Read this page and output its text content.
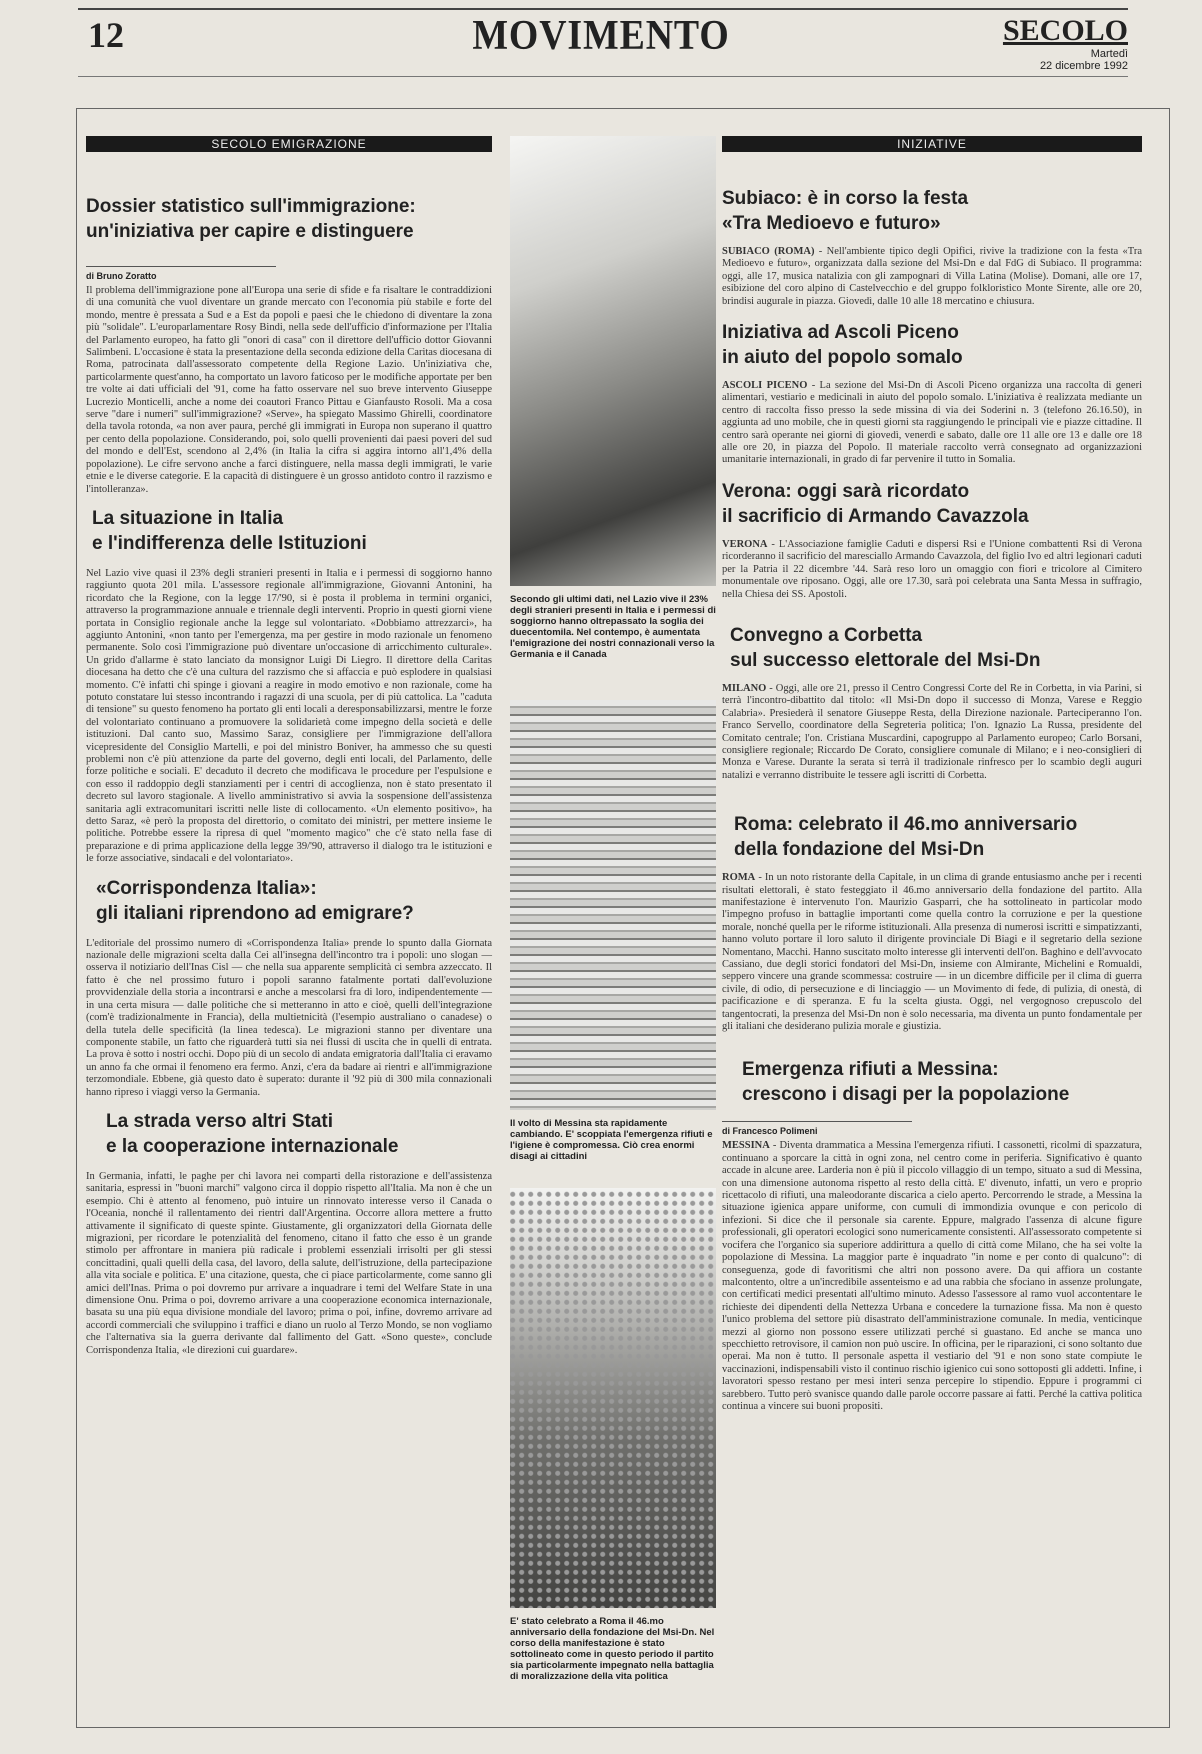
12	MOVIMENTO	SECOLO
Martedì
22 dicembre 1992
SECOLO EMIGRAZIONE
Dossier statistico sull'immigrazione:
un'iniziativa per capire e distinguere
di Bruno Zoratto

Il problema dell'immigrazione pone all'Europa una serie di sfide e fa risaltare le contraddizioni di una comunità che vuol diventare un grande mercato con l'economia più stabile e forte del mondo, mentre è pressata a Sud e a Est da popoli e paesi che le chiedono di diventare la zona più "solidale". L'europarlamentare Rosy Bindi, nella sede dell'ufficio d'informazione per l'Italia del Parlamento europeo, ha fatto gli "onori di casa" con il direttore dell'ufficio dottor Giovanni Salimbeni. L'occasione è stata la presentazione della seconda edizione della Caritas diocesana di Roma, patrocinata dall'assessorato competente della Regione Lazio. Un'iniziativa che, particolarmente quest'anno, ha comportato un lavoro faticoso per le modifiche apportate per ben tre volte ai dati ufficiali del '91, come ha fatto osservare nel suo breve intervento Giuseppe Lucrezio Monticelli, anche a nome dei coautori Franco Pittau e Gianfausto Rosoli. Ma a cosa serve "dare i numeri" sull'immigrazione? «Serve», ha spiegato Massimo Ghirelli, coordinatore della tavola rotonda, «a non aver paura, perché gli immigrati in Europa non superano il quattro per cento della popolazione. Considerando, poi, solo quelli provenienti dai paesi poveri del sud del mondo e dell'Est, scendono al 2,4% (in Italia la cifra si aggira intorno all'1,4% della popolazione). Le cifre servono anche a farci distinguere, nella massa degli immigrati, le varie etnie e le diverse categorie. E la capacità di distinguere è un grosso antidoto contro il razzismo e l'intolleranza».

La situazione in Italia
e l'indifferenza delle Istituzioni

Nel Lazio vive quasi il 23% degli stranieri presenti in Italia e i permessi di soggiorno hanno raggiunto quota 201 mila. L'assessore regionale all'immigrazione, Giovanni Antonini, ha ricordato che la Regione, con la legge 17/'90, si è posta il problema in termini organici, attraverso la programmazione annuale e triennale degli interventi. Proprio in questi giorni viene portata in Consiglio regionale anche la legge sul volontariato. «Dobbiamo attrezzarci», ha aggiunto Antonini, «non tanto per l'emergenza, ma per gestire in modo razionale un fenomeno permanente. Solo così l'immigrazione può diventare un'occasione di arricchimento culturale». Un grido d'allarme è stato lanciato da monsignor Luigi Di Liegro. Il direttore della Caritas diocesana ha detto che c'è una cultura del razzismo che si affaccia e può esplodere in qualsiasi momento. C'è infatti chi spinge i giovani a reagire in modo emotivo e non razionale, come ha potuto constatare lui stesso incontrando i ragazzi di una scuola, per di più cattolica. La "caduta di tensione" su questo fenomeno ha portato gli enti locali a deresponsabilizzarsi, mentre le forze del volontariato continuano a promuovere la solidarietà come impegno della società e delle istituzioni. Dal canto suo, Massimo Saraz, consigliere per l'immigrazione dell'allora vicepresidente del Consiglio Martelli, e poi del ministro Boniver, ha ammesso che su questi problemi non c'è più attenzione da parte del governo, degli enti locali, del Parlamento, delle forze politiche e sociali. E' decaduto il decreto che modificava le procedure per l'espulsione e con esso il raddoppio degli stanziamenti per i centri di accoglienza, non è stato presentato il decreto sul lavoro stagionale. A livello amministrativo si avvia la sospensione dell'assistenza sanitaria agli extracomunitari iscritti nelle liste di collocamento. «Un elemento positivo», ha detto Saraz, «è però la proposta del direttorio, o comitato dei ministri, per mettere insieme le politiche. Potrebbe essere la ripresa di quel "momento magico" che c'è stato nella fase di preparazione e di prima applicazione della legge 39/'90, attraverso il dialogo tra le istituzioni e le forze associative, sindacali e del volontariato».

«Corrispondenza Italia»:
gli italiani riprendono ad emigrare?

L'editoriale del prossimo numero di «Corrispondenza Italia» prende lo spunto dalla Giornata nazionale delle migrazioni scelta dalla Cei all'insegna dell'incontro tra i popoli: uno slogan — osserva il notiziario dell'Inas Cisl — che nella sua apparente semplicità ci sembra azzeccato. Il fatto è che nel prossimo futuro i popoli saranno fatalmente portati dall'evoluzione provvidenziale della storia a incontrarsi e anche a mescolarsi fra di loro, indipendentemente — in una certa misura — dalle politiche che si metteranno in atto e cioè, quelli dell'integrazione (com'è tradizionalmente in Francia), della multietnicità (l'esempio australiano o canadese) o della tutela delle specificità (la linea tedesca). Le migrazioni stanno per diventare una componente stabile, un fatto che riguarderà tutti sia nei flussi di uscita che in quelli di entrata. La prova è sotto i nostri occhi. Dopo più di un secolo di andata emigratoria dall'Italia ci eravamo un anno fa che ormai il fenomeno era fermo. Anzi, c'era da badare ai rientri e all'immigrazione terzomondiale. Ebbene, già questo dato è superato: durante il '92 più di 300 mila connazionali hanno ripreso i viaggi verso la Germania.

La strada verso altri Stati
e la cooperazione internazionale

In Germania, infatti, le paghe per chi lavora nei comparti della ristorazione e dell'assistenza sanitaria, espressi in "buoni marchi" valgono circa il doppio rispetto all'Italia. Ma non è che un esempio. Chi è attento al fenomeno, può intuire un rinnovato interesse verso il Canada o l'Oceania, nonché il rallentamento dei rientri dall'Argentina. Occorre allora mettere a frutto attivamente il significato di queste spinte. Giustamente, gli organizzatori della Giornata delle migrazioni, per ricordare le potenzialità del fenomeno, citano il fatto che esso è un grande stimolo per affrontare in maniera più radicale i problemi essenziali irrisolti per gli stessi concittadini, quali quelli della casa, del lavoro, della salute, dell'istruzione, della partecipazione alla vita sociale e politica. E' una citazione, questa, che ci piace particolarmente, come sanno gli amici dell'Inas. Prima o poi dovremo pur arrivare a inquadrare i temi del Welfare State in una dimensione Onu. Prima o poi, dovremo arrivare a una cooperazione economica internazionale, basata su una più equa divisione mondiale del lavoro; prima o poi, infine, dovremo arrivare ad accordi commerciali che sviluppino i traffici e diano un ruolo al Terzo Mondo, se non vogliamo che l'alternativa sia la guerra derivante dal fallimento del Gatt. «Sono queste», conclude Corrispondenza Italia, «le direzioni cui guardare».

Secondo gli ultimi dati, nel Lazio vive il 23% degli stranieri presenti in Italia e i permessi di soggiorno hanno oltrepassato la soglia dei duecentomila. Nel contempo, è aumentata l'emigrazione dei nostri connazionali verso la Germania e il Canada
Il volto di Messina sta rapidamente cambiando. E' scoppiata l'emergenza rifiuti e l'igiene è compromessa. Ciò crea enormi disagi ai cittadini
E' stato celebrato a Roma il 46.mo anniversario della fondazione del Msi-Dn. Nel corso della manifestazione è stato sottolineato come in questo periodo il partito sia particolarmente impegnato nella battaglia di moralizzazione della vita politica
INIZIATIVE
Subiaco: è in corso la festa
«Tra Medioevo e futuro»

SUBIACO (ROMA) - Nell'ambiente tipico degli Opifici, rivive la tradizione con la festa «Tra Medioevo e futuro», organizzata dalla sezione del Msi-Dn e dal FdG di Subiaco. Il programma: oggi, alle 17, musica natalizia con gli zampognari di Villa Latina (Molise). Domani, alle ore 17, esibizione del coro alpino di Castelvecchio e del gruppo folkloristico Monte Sirente, alle ore 20, brindisi augurale in piazza. Giovedì, dalle 10 alle 18 mercatino e chiusura.

Iniziativa ad Ascoli Piceno
in aiuto del popolo somalo

ASCOLI PICENO - La sezione del Msi-Dn di Ascoli Piceno organizza una raccolta di generi alimentari, vestiario e medicinali in aiuto del popolo somalo. L'iniziativa è realizzata mediante un centro di raccolta fisso presso la sede missina di via dei Soderini n. 3 (telefono 26.16.50), in aggiunta ad uno mobile, che in questi giorni sta raggiungendo le principali vie e piazze cittadine. Il centro sarà operante nei giorni di giovedì, venerdì e sabato, dalle ore 11 alle ore 13 e dalle ore 18 alle ore 20, in piazza del Popolo. Il materiale raccolto verrà consegnato ad organizzazioni umanitarie internazionali, in grado di far pervenire il tutto in Somalia.

Verona: oggi sarà ricordato
il sacrificio di Armando Cavazzola

VERONA - L'Associazione famiglie Caduti e dispersi Rsi e l'Unione combattenti Rsi di Verona ricorderanno il sacrificio del maresciallo Armando Cavazzola, del figlio Ivo ed altri legionari caduti per la Patria il 22 dicembre '44. Sarà reso loro un omaggio con fiori e tricolore al Cimitero monumentale ove riposano. Oggi, alle ore 17.30, sarà poi celebrata una Santa Messa in suffragio, nella Chiesa dei SS. Apostoli.

Convegno a Corbetta
sul successo elettorale del Msi-Dn

MILANO - Oggi, alle ore 21, presso il Centro Congressi Corte del Re in Corbetta, in via Parini, si terrà l'incontro-dibattito dal titolo: «Il Msi-Dn dopo il successo di Monza, Varese e Reggio Calabria». Presiederà il senatore Giuseppe Resta, della Direzione nazionale. Parteciperanno l'on. Franco Servello, coordinatore della Segreteria politica; l'on. Ignazio La Russa, presidente del Comitato centrale; l'on. Cristiana Muscardini, capogruppo al Parlamento europeo; Carlo Borsani, consigliere regionale; Riccardo De Corato, consigliere comunale di Milano; e i neo-consiglieri di Monza e Varese. Durante la serata si terrà il tradizionale rinfresco per lo scambio degli auguri natalizi e verranno distribuite le tessere agli iscritti di Corbetta.

Roma: celebrato il 46.mo anniversario
della fondazione del Msi-Dn

ROMA - In un noto ristorante della Capitale, in un clima di grande entusiasmo anche per i recenti risultati elettorali, è stato festeggiato il 46.mo anniversario della fondazione del partito. Alla manifestazione è intervenuto l'on. Maurizio Gasparri, che ha sottolineato in particolar modo l'impegno profuso in battaglie importanti come quella contro la corruzione e per la questione morale, nonché quella per le riforme istituzionali. Alla presenza di numerosi iscritti e simpatizzanti, hanno voluto portare il loro saluto il dirigente provinciale Di Biagi e il segretario della sezione Nomentano, Macchi. Hanno suscitato molto interesse gli interventi dell'on. Baghino e dell'avvocato Cassiano, due degli storici fondatori del Msi-Dn, insieme con Almirante, Michelini e Romualdi, seppero vincere una grande scommessa: costruire — in un dicembre difficile per il clima di guerra civile, di odio, di persecuzione e di linciaggio — un Movimento di fede, di pulizia, di onestà, di pacificazione e di speranza. E fu la scelta giusta. Oggi, nel vergognoso crepuscolo del tangentocrati, la presenza del Msi-Dn non è solo necessaria, ma diventa un punto fondamentale per gli italiani che desiderano pulizia morale e giustizia.

Emergenza rifiuti a Messina:
crescono i disagi per la popolazione
di Francesco Polimeni

MESSINA - Diventa drammatica a Messina l'emergenza rifiuti. I cassonetti, ricolmi di spazzatura, continuano a sporcare la città in ogni zona, nel centro come in periferia. Significativo è quanto accade in alcune aree. Larderia non è più il piccolo villaggio di un tempo, situato a sud di Messina, con una dimensione autonoma rispetto al resto della città. E' divenuto, infatti, un vero e proprio ricettacolo di rifiuti, una maleodorante discarica a cielo aperto. Percorrendo le strade, a Messina la situazione igienica appare uniforme, con cumuli di immondizia ovunque e con pericolo di infezioni. Si dice che il personale sia carente. Eppure, malgrado l'assenza di alcune figure professionali, gli operatori ecologici sono numericamente consistenti. All'assessorato competente si vociferа che l'organico sia superiore addirittura a quello di città come Milano, che ha sei volte la popolazione di Messina. La maggior parte è inquadrato "in nome e per conto di qualcuno": di conseguenza, gode di favoritismi che altri non possono avere. Da qui affiora un costante malcontento, oltre a un'incredibile assenteismo e ad una rabbia che sfociano in assenze prolungate, con certificati medici presentati all'ultimo minuto. Adesso l'assessore al ramo vuol accontentare le richieste dei dipendenti della Nettezza Urbana e concedere la turnazione fissa. Ma non è questo l'unico problema del settore più disastrato dell'amministrazione comunale. In media, venticinque mezzi al giorno non possono essere utilizzati perché si guastano. Ed anche se manca uno specchietto retrovisore, il camion non può uscire. In officina, per le riparazioni, ci sono soltanto due operai. Ma non è tutto. Il personale aspetta il vestiario del '91 e non sono state compiute le vaccinazioni, indispensabili visto il continuo rischio igienico cui sono sottoposti gli addetti. Infine, i lavoratori spesso restano per mesi interi senza percepire lo stipendio. Eppure i programmi ci sarebbero. Tutto però svanisce quando dalle parole occorre passare ai fatti. Perché la cattiva politica continua a vincere sui buoni propositi.
